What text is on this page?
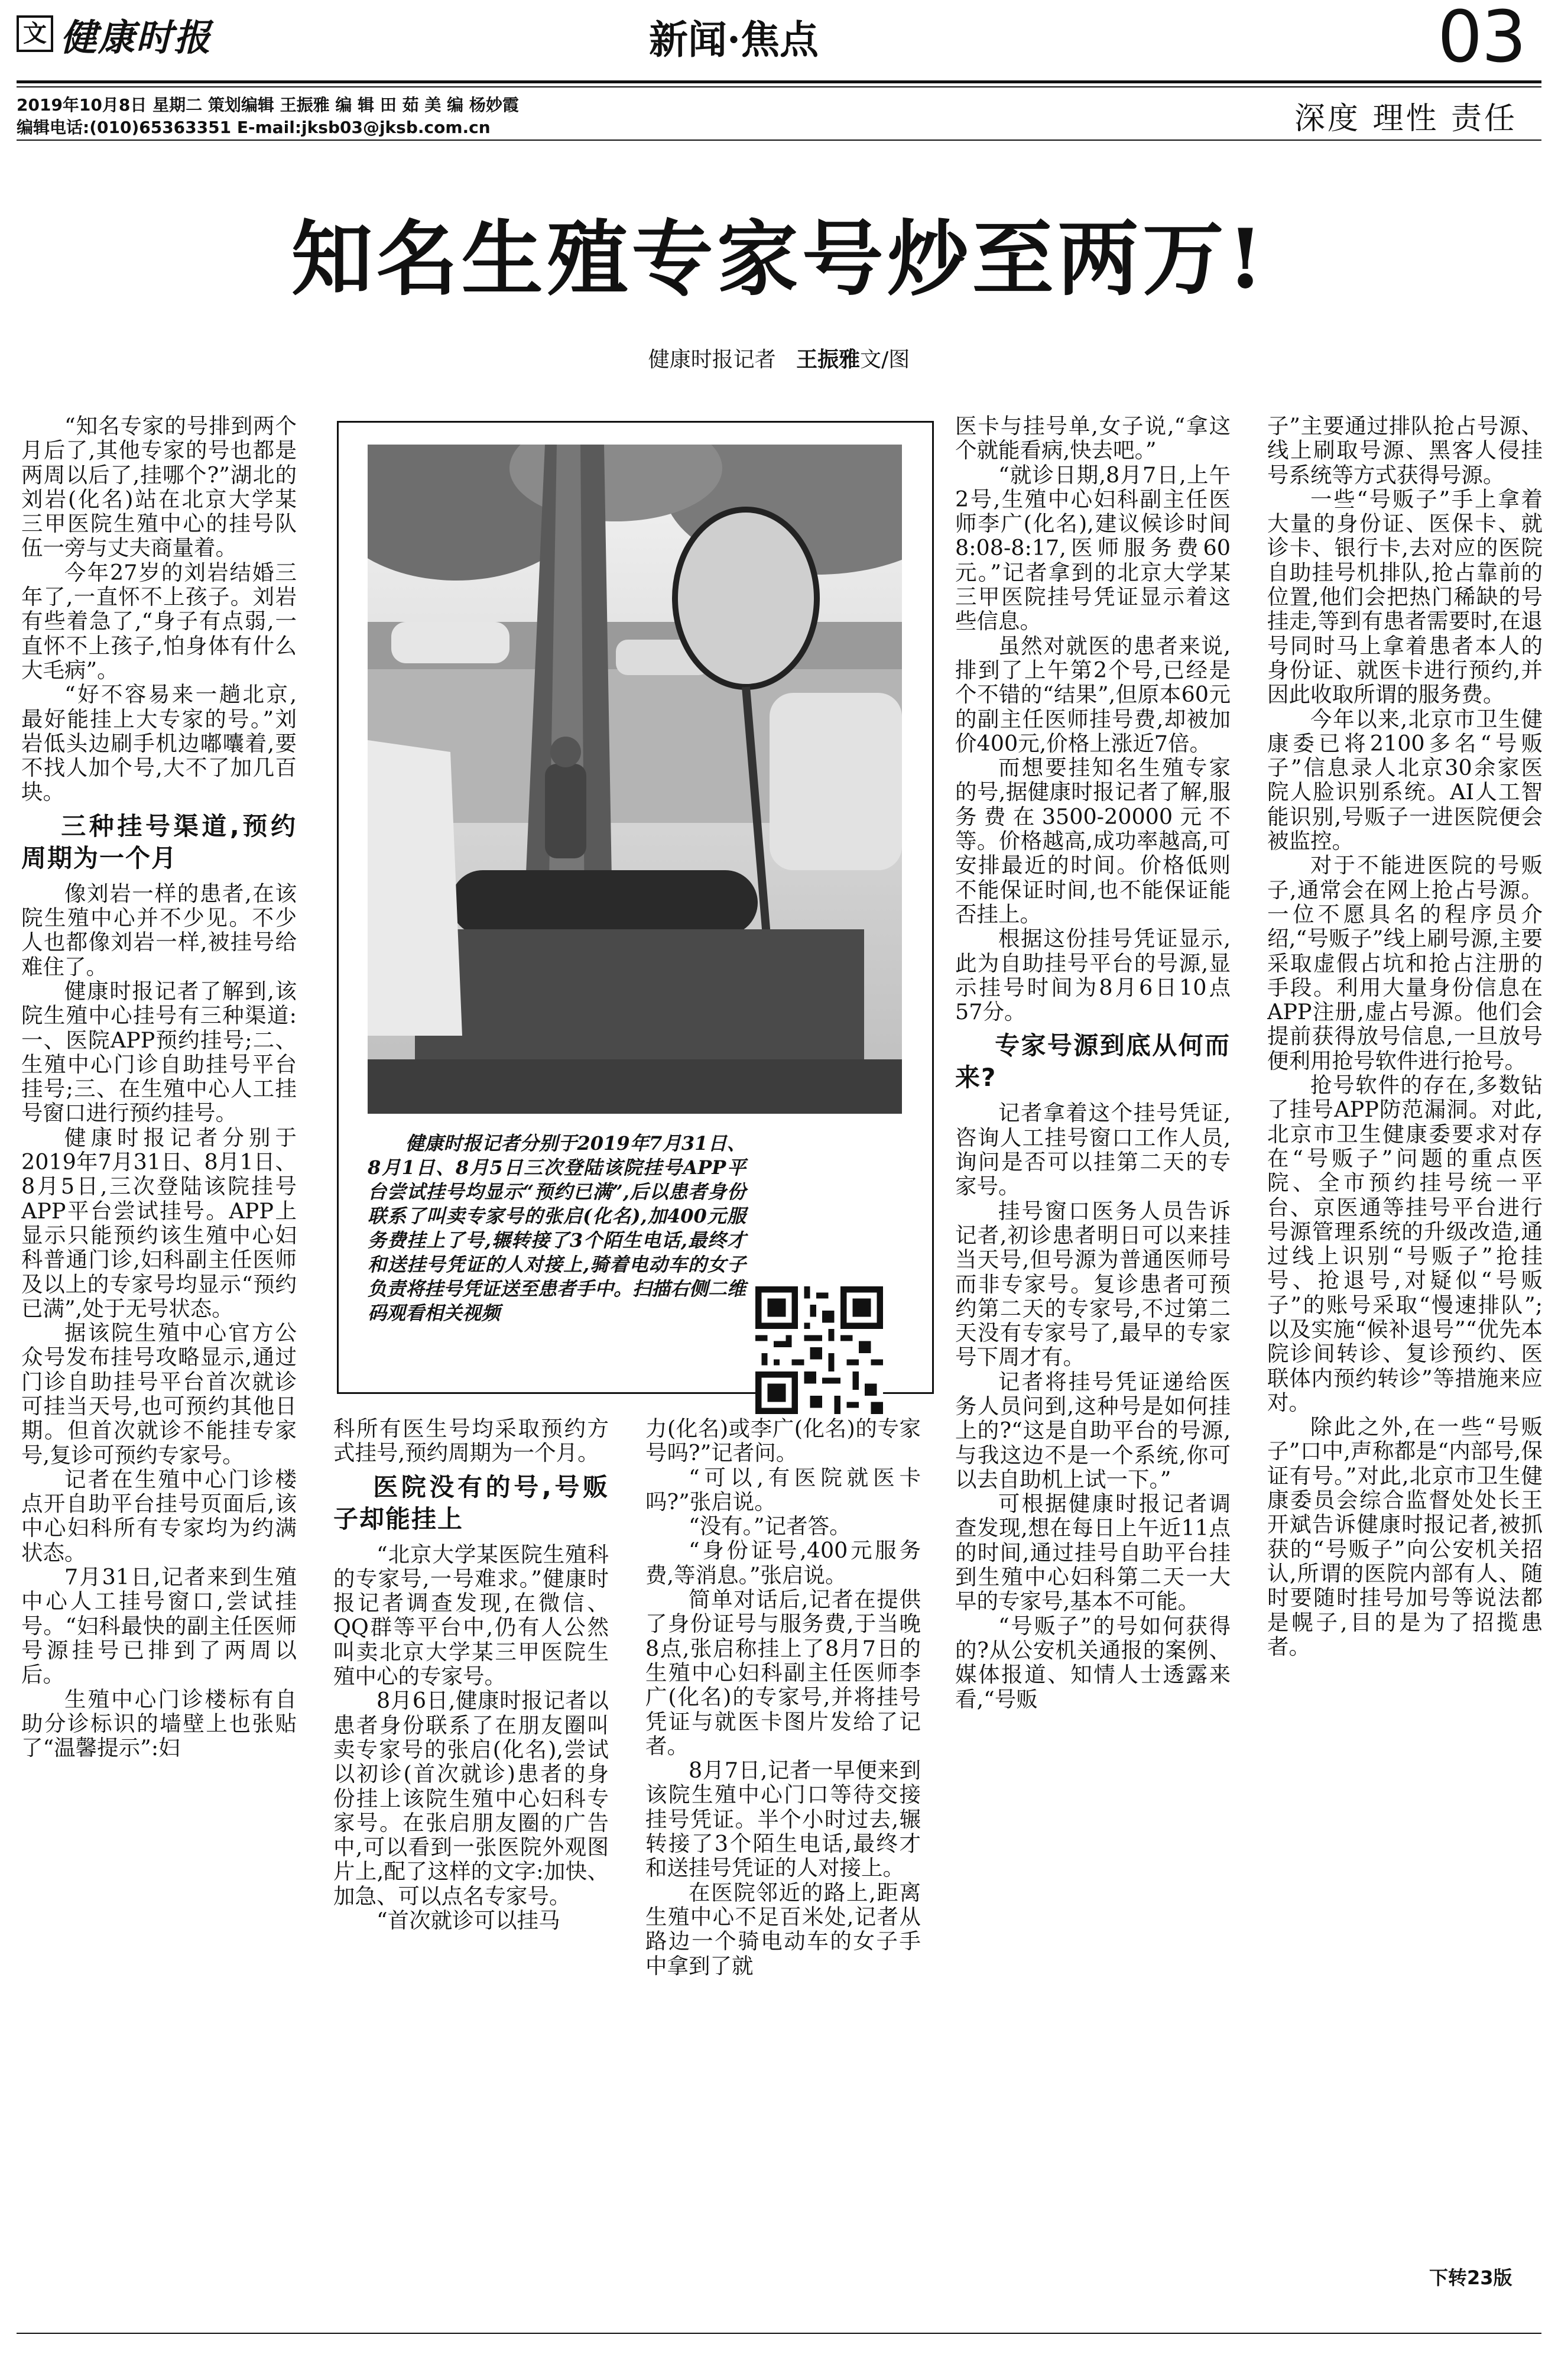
文 健康时报	新闻·焦点	03
2019年10月8日 星期二 策划编辑 王振雅 编 辑 田 茹 美 编 杨妙霞
编辑电话:(010)65363351 E-mail:jksb03@jksb.com.cn	深度 理性 责任
知名生殖专家号炒至两万!
健康时报记者 王振雅文/图

“知名专家的号排到两个月后了,其他专家的号也都是两周以后了,挂哪个?”湖北的刘岩(化名)站在北京大学某三甲医院生殖中心的挂号队伍一旁与丈夫商量着。

今年27岁的刘岩结婚三年了,一直怀不上孩子。刘岩有些着急了,“身子有点弱,一直怀不上孩子,怕身体有什么大毛病”。

“好不容易来一趟北京,最好能挂上大专家的号。”刘岩低头边刷手机边嘟囔着,要不找人加个号,大不了加几百块。

三种挂号渠道,预约周期为一个月

像刘岩一样的患者,在该院生殖中心并不少见。不少人也都像刘岩一样,被挂号给难住了。

健康时报记者了解到,该院生殖中心挂号有三种渠道:一、医院APP预约挂号;二、生殖中心门诊自助挂号平台挂号;三、在生殖中心人工挂号窗口进行预约挂号。

健康时报记者分别于2019年7月31日、8月1日、8月5日,三次登陆该院挂号APP平台尝试挂号。APP上显示只能预约该生殖中心妇科普通门诊,妇科副主任医师及以上的专家号均显示“预约已满”,处于无号状态。

据该院生殖中心官方公众号发布挂号攻略显示,通过门诊自助挂号平台首次就诊可挂当天号,也可预约其他日期。但首次就诊不能挂专家号,复诊可预约专家号。

记者在生殖中心门诊楼点开自助平台挂号页面后,该中心妇科所有专家均为约满状态。

7月31日,记者来到生殖中心人工挂号窗口,尝试挂号。“妇科最快的副主任医师号源挂号已排到了两周以后。

生殖中心门诊楼标有自助分诊标识的墙壁上也张贴了“温馨提示”:妇

科所有医生号均采取预约方式挂号,预约周期为一个月。

医院没有的号,号贩子却能挂上

“北京大学某医院生殖科的专家号,一号难求。”健康时报记者调查发现,在微信、QQ群等平台中,仍有人公然叫卖北京大学某三甲医院生殖中心的专家号。

8月6日,健康时报记者以患者身份联系了在朋友圈叫卖专家号的张启(化名),尝试以初诊(首次就诊)患者的身份挂上该院生殖中心妇科专家号。在张启朋友圈的广告中,可以看到一张医院外观图片上,配了这样的文字:加快、加急、可以点名专家号。

“首次就诊可以挂马

力(化名)或李广(化名)的专家号吗?”记者问。

“可以,有医院就医卡吗?”张启说。

“没有。”记者答。

“身份证号,400元服务费,等消息。”张启说。

简单对话后,记者在提供了身份证号与服务费,于当晚8点,张启称挂上了8月7日的生殖中心妇科副主任医师李广(化名)的专家号,并将挂号凭证与就医卡图片发给了记者。

8月7日,记者一早便来到该院生殖中心门口等待交接挂号凭证。半个小时过去,辗转接了3个陌生电话,最终才和送挂号凭证的人对接上。

在医院邻近的路上,距离生殖中心不足百米处,记者从路边一个骑电动车的女子手中拿到了就

医卡与挂号单,女子说,“拿这个就能看病,快去吧。”

“就诊日期,8月7日,上午2号,生殖中心妇科副主任医师李广(化名),建议候诊时间8:08-8:17,医师服务费60元。”记者拿到的北京大学某三甲医院挂号凭证显示着这些信息。

虽然对就医的患者来说,排到了上午第2个号,已经是个不错的“结果”,但原本60元的副主任医师挂号费,却被加价400元,价格上涨近7倍。

而想要挂知名生殖专家的号,据健康时报记者了解,服务费在3500-20000元不等。价格越高,成功率越高,可安排最近的时间。价格低则不能保证时间,也不能保证能否挂上。

根据这份挂号凭证显示,此为自助挂号平台的号源,显示挂号时间为8月6日10点57分。

专家号源到底从何而来?

记者拿着这个挂号凭证,咨询人工挂号窗口工作人员,询问是否可以挂第二天的专家号。

挂号窗口医务人员告诉记者,初诊患者明日可以来挂当天号,但号源为普通医师号而非专家号。复诊患者可预约第二天的专家号,不过第二天没有专家号了,最早的专家号下周才有。

记者将挂号凭证递给医务人员问到,这种号是如何挂上的?“这是自助平台的号源,与我这边不是一个系统,你可以去自助机上试一下。”

可根据健康时报记者调查发现,想在每日上午近11点的时间,通过挂号自助平台挂到生殖中心妇科第二天一大早的专家号,基本不可能。

“号贩子”的号如何获得的?从公安机关通报的案例、媒体报道、知情人士透露来看,“号贩

子”主要通过排队抢占号源、线上刷取号源、黑客人侵挂号系统等方式获得号源。

一些“号贩子”手上拿着大量的身份证、医保卡、就诊卡、银行卡,去对应的医院自助挂号机排队,抢占靠前的位置,他们会把热门稀缺的号挂走,等到有患者需要时,在退号同时马上拿着患者本人的身份证、就医卡进行预约,并因此收取所谓的服务费。

今年以来,北京市卫生健康委已将2100多名“号贩子”信息录人北京30余家医院人脸识别系统。AI人工智能识别,号贩子一进医院便会被监控。

对于不能进医院的号贩子,通常会在网上抢占号源。一位不愿具名的程序员介绍,“号贩子”线上刷号源,主要采取虚假占坑和抢占注册的手段。利用大量身份信息在APP注册,虚占号源。他们会提前获得放号信息,一旦放号便利用抢号软件进行抢号。

抢号软件的存在,多数钻了挂号APP防范漏洞。对此,北京市卫生健康委要求对存在“号贩子”问题的重点医院、全市预约挂号统一平台、京医通等挂号平台进行号源管理系统的升级改造,通过线上识别“号贩子”抢挂号、抢退号,对疑似“号贩子”的账号采取“慢速排队”;以及实施“候补退号”“优先本院诊间转诊、复诊预约、医联体内预约转诊”等措施来应对。

除此之外,在一些“号贩子”口中,声称都是“内部号,保证有号。”对此,北京市卫生健康委员会综合监督处处长王开斌告诉健康时报记者,被抓获的“号贩子”向公安机关招认,所谓的医院内部有人、随时要随时挂号加号等说法都是幌子,目的是为了招揽患者。

健康时报记者分别于2019年7月31日、8月1日、8月5日三次登陆该院挂号APP平台尝试挂号均显示“预约已满”,后以患者身份联系了叫卖专家号的张启(化名),加400元服务费挂上了号,辗转接了3个陌生电话,最终才和送挂号凭证的人对接上,骑着电动车的女子负责将挂号凭证送至患者手中。扫描右侧二维码观看相关视频
下转23版
